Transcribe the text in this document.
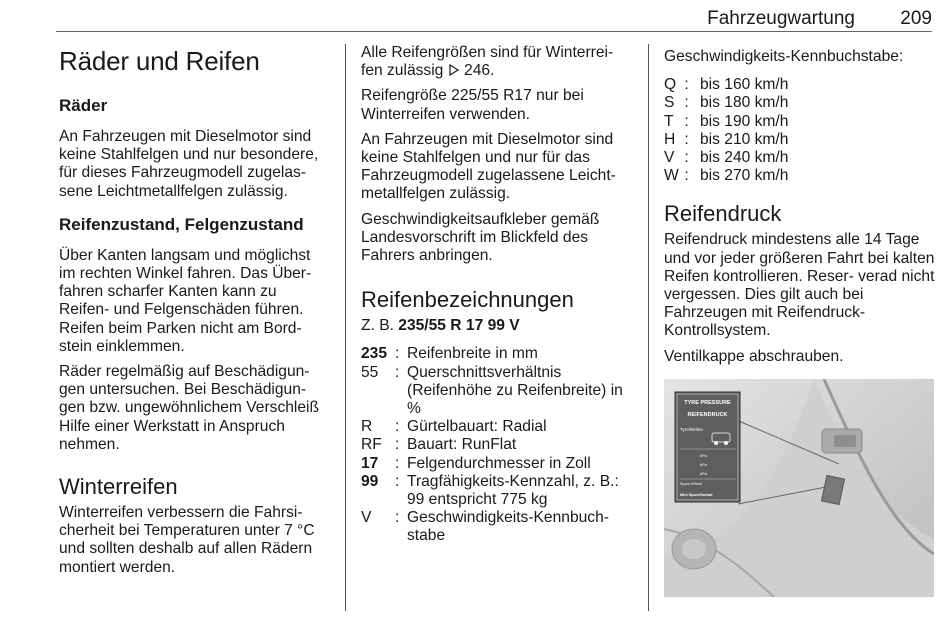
Fahrzeugwartung 209
Räder und Reifen
Räder

An Fahrzeugen mit Dieselmotor sind keine Stahlfelgen und nur besondere, für dieses Fahrzeugmodell zugelas- sene Leichtmetallfelgen zulässig.

Reifenzustand, Felgenzustand

Über Kanten langsam und möglichst im rechten Winkel fahren. Das Über- fahren scharfer Kanten kann zu Reifen- und Felgenschäden führen. Reifen beim Parken nicht am Bord- stein einklemmen.

Räder regelmäßig auf Beschädigun- gen untersuchen. Bei Beschädigun- gen bzw. ungewöhnlichem Verschleiß Hilfe einer Werkstatt in Anspruch nehmen.

Winterreifen

Winterreifen verbessern die Fahrsi- cherheit bei Temperaturen unter 7 °C und sollten deshalb auf allen Rädern montiert werden.

Alle Reifengrößen sind für Winterrei- fen zulässig 246.

Reifengröße 225/55 R17 nur bei Winterreifen verwenden.

An Fahrzeugen mit Dieselmotor sind keine Stahlfelgen und nur für das Fahrzeugmodell zugelassene Leicht- metallfelgen zulässig.

Geschwindigkeitsaufkleber gemäß Landesvorschrift im Blickfeld des Fahrers anbringen.

Reifenbezeichnungen

Z. B. 235/55 R 17 99 V

235 : Reifenbreite in mm
55	: Querschnittsverhältnis (Reifenhöhe zu Reifenbreite) in %
R	: Gürtelbauart: Radial
RF : Bauart: RunFlat
17	: Felgendurchmesser in Zoll
99	: Tragfähigkeits-Kennzahl, z. B.: 99 entspricht 775 kg
V	: Geschwindigkeits-Kennbuch- stabe

Geschwindigkeits-Kennbuchstabe:

Q : bis 160 km/h
S : bis 180 km/h
T : bis 190 km/h
H : bis 210 km/h
V : bis 240 km/h
W : bis 270 km/h
Reifendruck

Reifendruck mindestens alle 14 Tage und vor jeder größeren Fahrt bei kalten Reifen kontrollieren. Reser- verad nicht vergessen. Dies gilt auch bei Fahrzeugen mit Reifendruck- Kontrollsystem.

Ventilkappe abschrauben.

TYRE PRESSURE
REIFENDRUCK
Tyre/Reifen
kPa
kPa
kPa
Spare Wheel
Mini Spare/Notrad
